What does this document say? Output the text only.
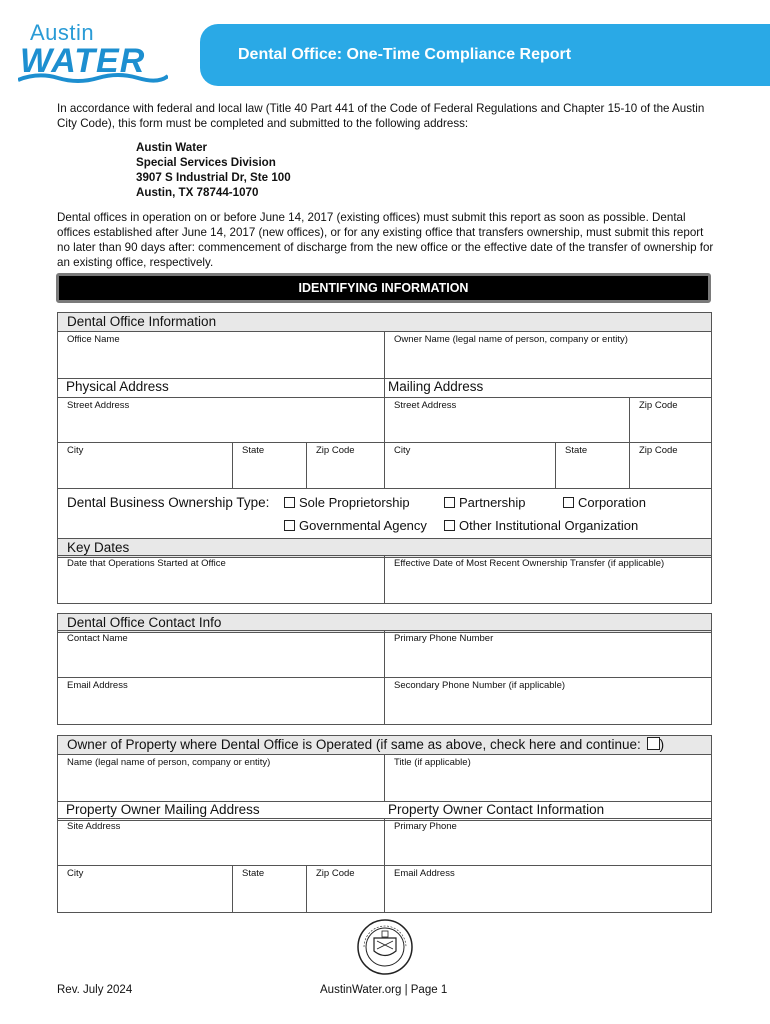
Austin
WATER	Dental Office: One-Time Compliance Report

In accordance with federal and local law (Title 40 Part 441 of the Code of Federal Regulations and Chapter 15-10 of the Austin City Code), this form must be completed and submitted to the following address:

Austin Water
Special Services Division
3907 S Industrial Dr, Ste 100
Austin, TX 78744-1070

Dental offices in operation on or before June 14, 2017 (existing offices) must submit this report as soon as possible. Dental offices established after June 14, 2017 (new offices), or for any existing office that transfers ownership, must submit this report no later than 90 days after: commencement of discharge from the new office or the effective date of the transfer of ownership for an existing office, respectively.

IDENTIFYING INFORMATION
Dental Office Information
Office Name	Owner Name (legal name of person, company or entity)
Physical Address	Mailing Address
Street Address	Street Address	Zip Code
City	State	Zip Code	City	State	Zip Code
Dental Business Ownership Type:	Sole Proprietorship	Partnership	Corporation
Governmental Agency	Other Institutional Organization
Key Dates
Date that Operations Started at Office	Effective Date of Most Recent Ownership Transfer (if applicable)
Dental Office Contact Info
Contact Name	Primary Phone Number
Email Address	Secondary Phone Number (if applicable)
Owner of Property where Dental Office is Operated (if same as above, check here and continue: )
Name (legal name of person, company or entity)	Title (if applicable)
Property Owner Mailing Address	Property Owner Contact Information
Site Address	Primary Phone
City	State	Zip Code	Email Address
Rev. July 2024	AustinWater.org | Page 1
